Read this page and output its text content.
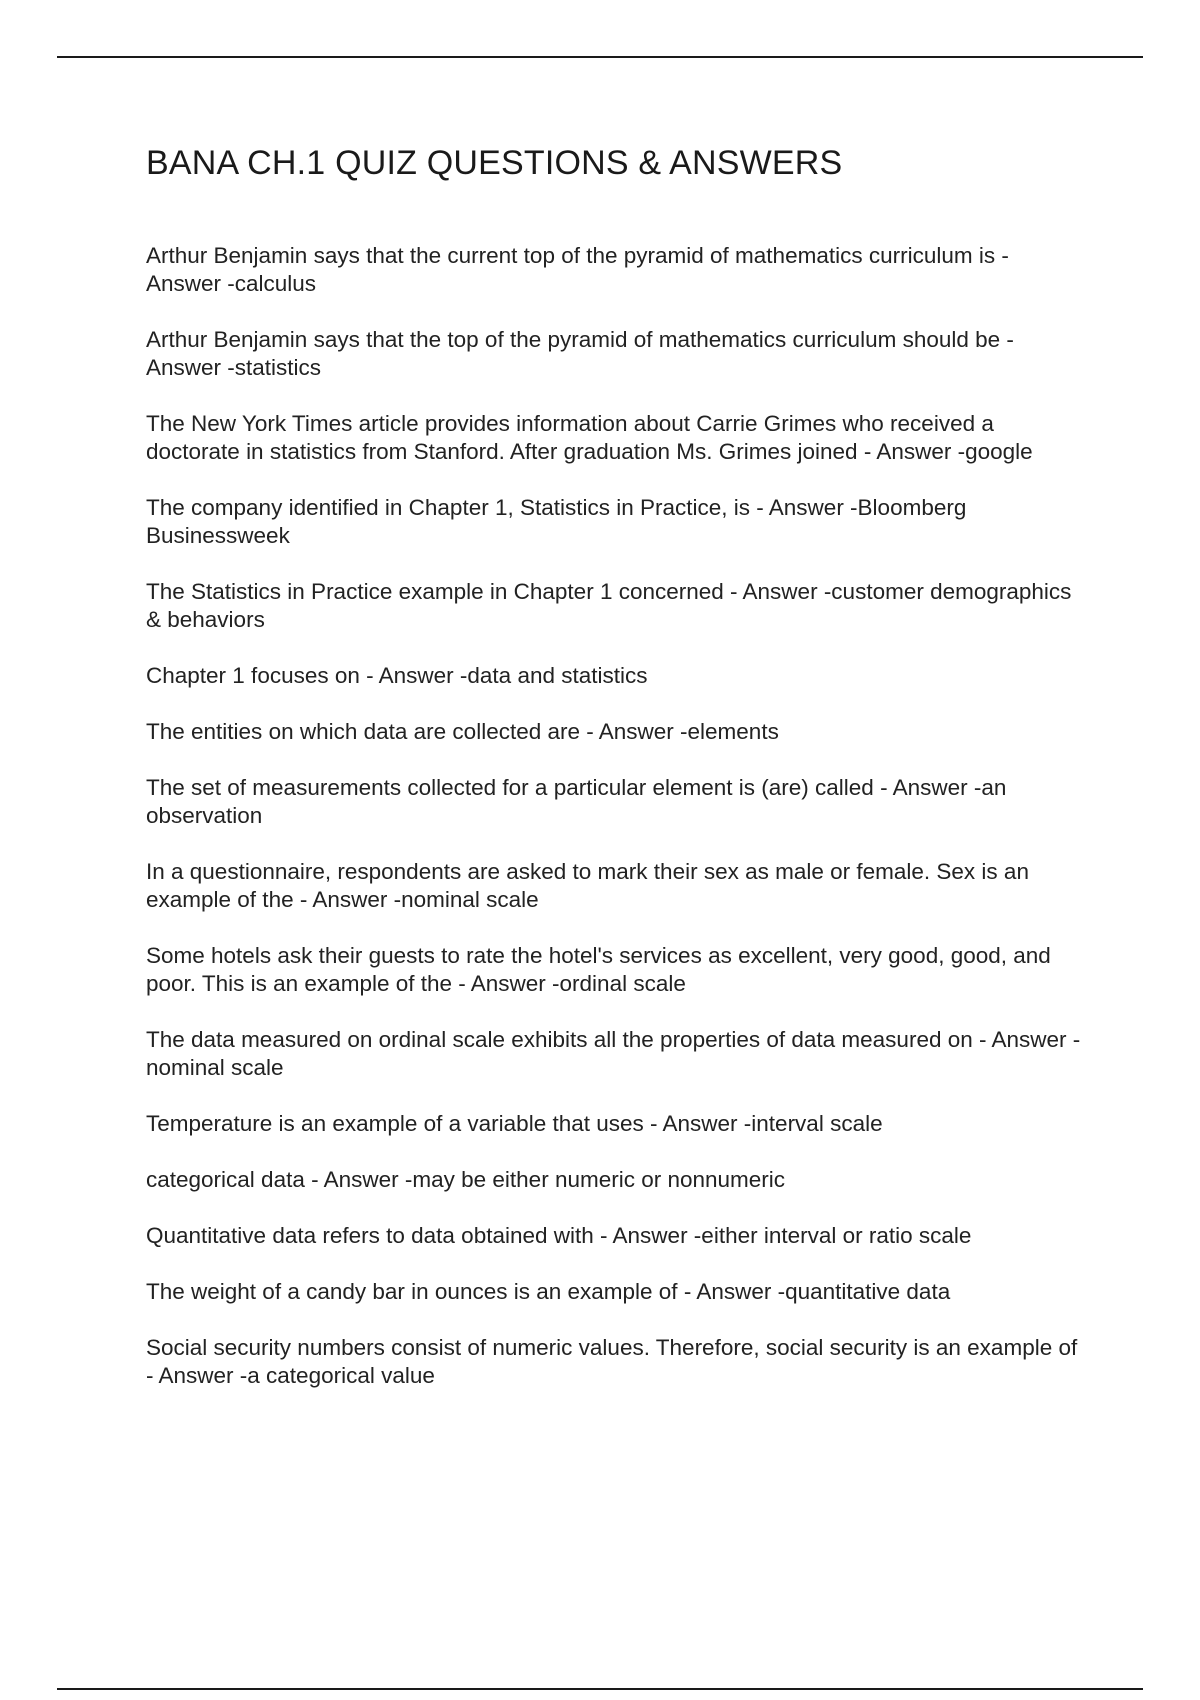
BANA CH.1 QUIZ QUESTIONS & ANSWERS
Arthur Benjamin says that the current top of the pyramid of mathematics curriculum is - Answer -calculus
Arthur Benjamin says that the top of the pyramid of mathematics curriculum should be - Answer -statistics
The New York Times article provides information about Carrie Grimes who received a doctorate in statistics from Stanford. After graduation Ms. Grimes joined - Answer -google
The company identified in Chapter 1, Statistics in Practice, is - Answer -Bloomberg Businessweek
The Statistics in Practice example in Chapter 1 concerned - Answer -customer demographics & behaviors
Chapter 1 focuses on - Answer -data and statistics
The entities on which data are collected are - Answer -elements
The set of measurements collected for a particular element is (are) called - Answer -an observation
In a questionnaire, respondents are asked to mark their sex as male or female. Sex is an example of the - Answer -nominal scale
Some hotels ask their guests to rate the hotel's services as excellent, very good, good, and poor. This is an example of the - Answer -ordinal scale
The data measured on ordinal scale exhibits all the properties of data measured on - Answer -nominal scale
Temperature is an example of a variable that uses - Answer -interval scale
categorical data - Answer -may be either numeric or nonnumeric
Quantitative data refers to data obtained with - Answer -either interval or ratio scale
The weight of a candy bar in ounces is an example of - Answer -quantitative data
Social security numbers consist of numeric values. Therefore, social security is an example of - Answer -a categorical value
